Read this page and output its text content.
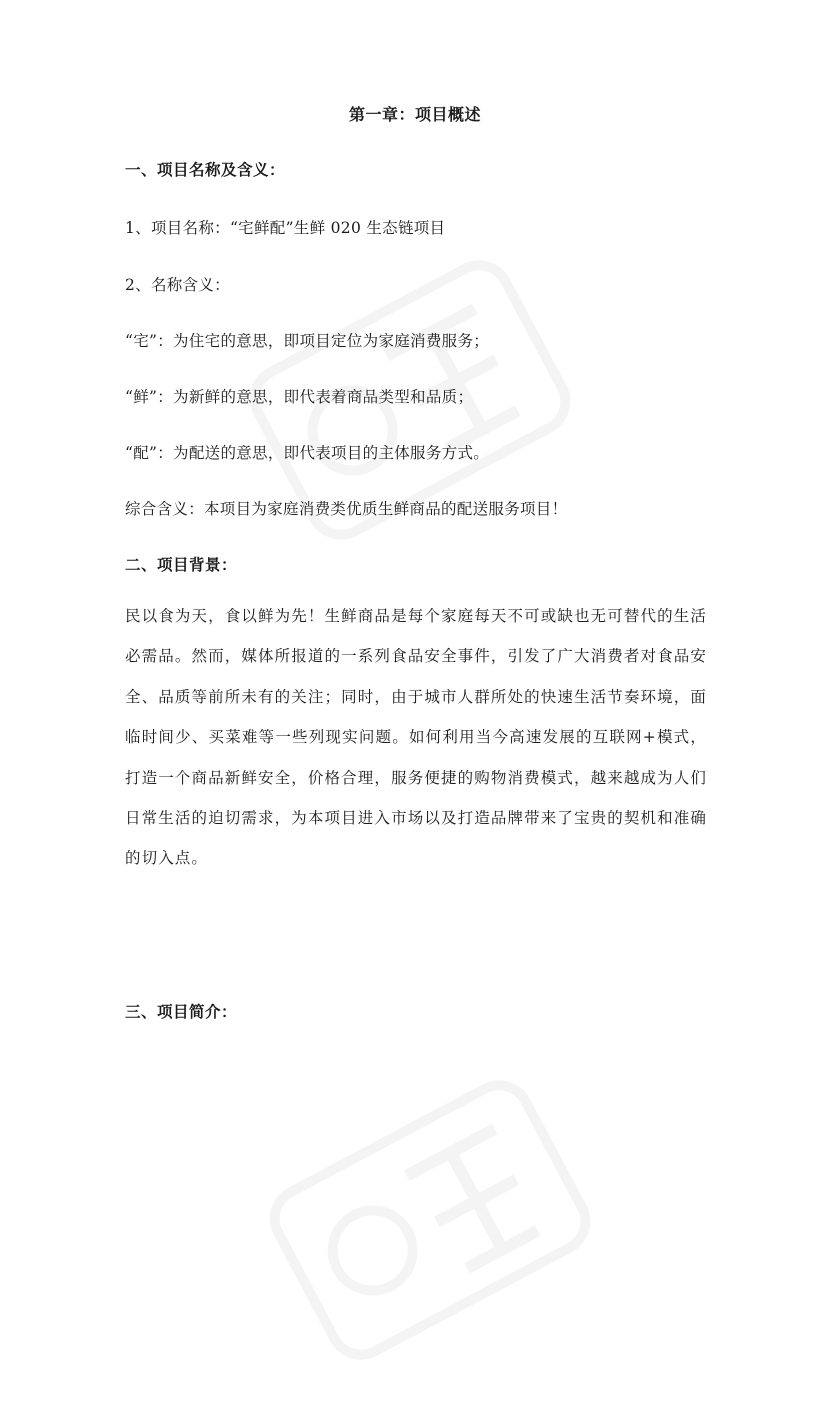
第一章：项目概述
一、项目名称及含义：
1、项目名称：“宅鲜配”生鲜 020 生态链项目
2、名称含义：
“宅”：为住宅的意思，即项目定位为家庭消费服务；
“鲜”：为新鲜的意思，即代表着商品类型和品质；
“配”：为配送的意思，即代表项目的主体服务方式。
综合含义：本项目为家庭消费类优质生鲜商品的配送服务项目！
二、项目背景：
民以食为天，食以鲜为先！生鲜商品是每个家庭每天不可或缺也无可替代的生活必需品。然而，媒体所报道的一系列食品安全事件，引发了广大消费者对食品安全、品质等前所未有的关注；同时，由于城市人群所处的快速生活节奏环境，面临时间少、买菜难等一些列现实问题。如何利用当今高速发展的互联网+模式，打造一个商品新鲜安全，价格合理，服务便捷的购物消费模式，越来越成为人们日常生活的迫切需求，为本项目进入市场以及打造品牌带来了宝贵的契机和准确的切入点。
三、项目简介：
